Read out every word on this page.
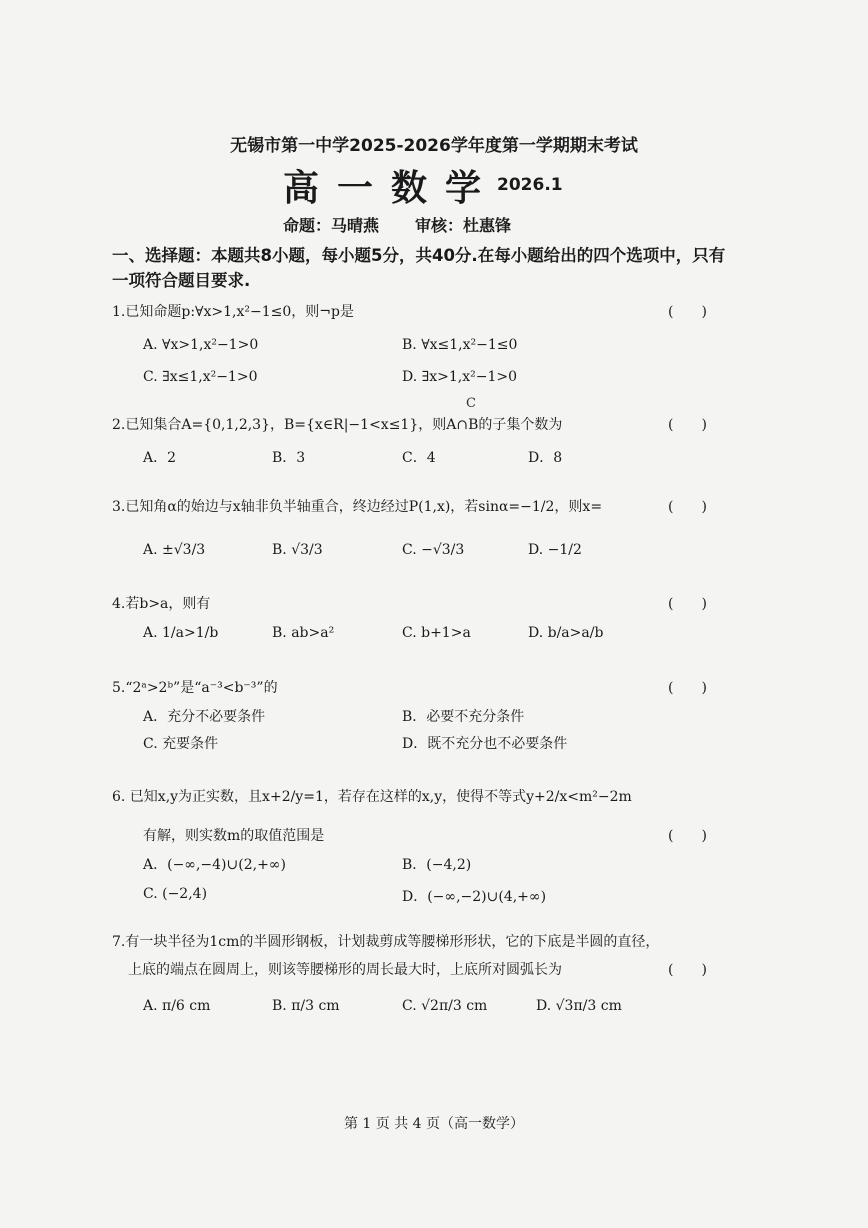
无锡市第一中学2025-2026学年度第一学期期末考试
高一数学
2026.1
命题：马晴燕 审核：杜惠锋
一、选择题：本题共8小题，每小题5分，共40分.在每小题给出的四个选项中，只有一项符合题目要求.
1.已知命题p:∀x>1,x²−1≤0，则¬p是	(　　)
A. ∀x>1,x²−1>0	B. ∀x≤1,x²−1≤0
C. ∃x≤1,x²−1>0	D. ∃x>1,x²−1>0
C
2.已知集合A={0,1,2,3}，B={x∈R|−1<x≤1}，则A∩B的子集个数为	(　　)
A．2	B．3	C．4	D．8
3.已知角α的始边与x轴非负半轴重合，终边经过P(1,x)，若sinα=−1/2，则x=	(　　)
A. ±√3/3	B. √3/3	C. −√3/3	D. −1/2
4.若b>a，则有	(　　)
A. 1/a>1/b	B. ab>a²	C. b+1>a	D. b/a>a/b
5.“2ᵃ>2ᵇ”是“a⁻³<b⁻³”的	(　　)
A．充分不必要条件	B．必要不充分条件
C. 充要条件	D．既不充分也不必要条件
6. 已知x,y为正实数，且x+2/y=1，若存在这样的x,y，使得不等式y+2/x<m²−2m
有解，则实数m的取值范围是	(　　)
A．(−∞,−4)∪(2,+∞)	B．(−4,2)
C. (−2,4)	D．(−∞,−2)∪(4,+∞)
7.有一块半径为1cm的半圆形钢板，计划裁剪成等腰梯形形状，它的下底是半圆的直径，
上底的端点在圆周上，则该等腰梯形的周长最大时，上底所对圆弧长为	(　　)
A. π/6 cm	B. π/3 cm	C. √2π/3 cm	D. √3π/3 cm
第 1 页 共 4 页（高一数学）
